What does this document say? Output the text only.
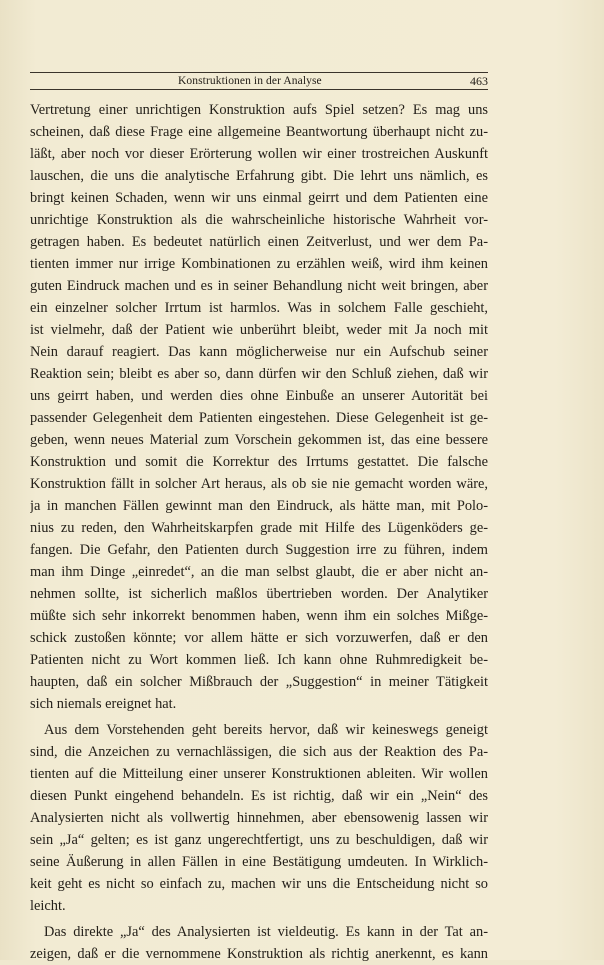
Konstruktionen in der Analyse	463
Vertretung einer unrichtigen Konstruktion aufs Spiel setzen? Es mag uns
scheinen, daß diese Frage eine allgemeine Beantwortung überhaupt nicht zu-
läßt, aber noch vor dieser Erörterung wollen wir einer trostreichen Auskunft
lauschen, die uns die analytische Erfahrung gibt. Die lehrt uns nämlich, es
bringt keinen Schaden, wenn wir uns einmal geirrt und dem Patienten eine
unrichtige Konstruktion als die wahrscheinliche historische Wahrheit vor-
getragen haben. Es bedeutet natürlich einen Zeitverlust, und wer dem Pa-
tienten immer nur irrige Kombinationen zu erzählen weiß, wird ihm keinen
guten Eindruck machen und es in seiner Behandlung nicht weit bringen, aber
ein einzelner solcher Irrtum ist harmlos. Was in solchem Falle geschieht,
ist vielmehr, daß der Patient wie unberührt bleibt, weder mit Ja noch mit
Nein darauf reagiert. Das kann möglicherweise nur ein Aufschub seiner
Reaktion sein; bleibt es aber so, dann dürfen wir den Schluß ziehen, daß wir
uns geirrt haben, und werden dies ohne Einbuße an unserer Autorität bei
passender Gelegenheit dem Patienten eingestehen. Diese Gelegenheit ist ge-
geben, wenn neues Material zum Vorschein gekommen ist, das eine bessere
Konstruktion und somit die Korrektur des Irrtums gestattet. Die falsche
Konstruktion fällt in solcher Art heraus, als ob sie nie gemacht worden wäre,
ja in manchen Fällen gewinnt man den Eindruck, als hätte man, mit Polo-
nius zu reden, den Wahrheitskarpfen grade mit Hilfe des Lügenköders ge-
fangen. Die Gefahr, den Patienten durch Suggestion irre zu führen, indem
man ihm Dinge „einredet“, an die man selbst glaubt, die er aber nicht an-
nehmen sollte, ist sicherlich maßlos übertrieben worden. Der Analytiker
müßte sich sehr inkorrekt benommen haben, wenn ihm ein solches Mißge-
schick zustoßen könnte; vor allem hätte er sich vorzuwerfen, daß er den
Patienten nicht zu Wort kommen ließ. Ich kann ohne Ruhmredigkeit be-
haupten, daß ein solcher Mißbrauch der „Suggestion“ in meiner Tätigkeit
sich niemals ereignet hat.
Aus dem Vorstehenden geht bereits hervor, daß wir keineswegs geneigt
sind, die Anzeichen zu vernachlässigen, die sich aus der Reaktion des Pa-
tienten auf die Mitteilung einer unserer Konstruktionen ableiten. Wir wollen
diesen Punkt eingehend behandeln. Es ist richtig, daß wir ein „Nein“ des
Analysierten nicht als vollwertig hinnehmen, aber ebensowenig lassen wir
sein „Ja“ gelten; es ist ganz ungerechtfertigt, uns zu beschuldigen, daß wir
seine Äußerung in allen Fällen in eine Bestätigung umdeuten. In Wirklich-
keit geht es nicht so einfach zu, machen wir uns die Entscheidung nicht so
leicht.
Das direkte „Ja“ des Analysierten ist vieldeutig. Es kann in der Tat an-
zeigen, daß er die vernommene Konstruktion als richtig anerkennt, es kann
